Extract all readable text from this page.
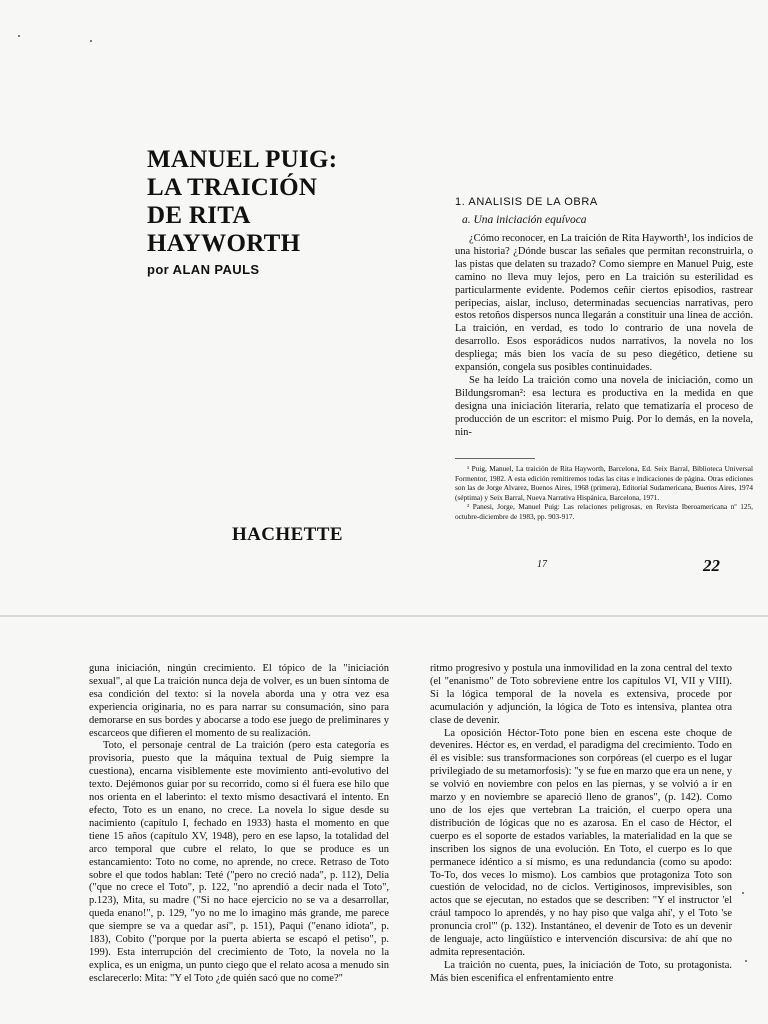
MANUEL PUIG:
LA TRAICIÓN
DE RITA
HAYWORTH
por ALAN PAULS
HACHETTE
1. ANALISIS DE LA OBRA
a. Una iniciación equívoca

¿Cómo reconocer, en La traición de Rita Hayworth¹, los indicios de una historia? ¿Dónde buscar las señales que permitan reconstruirla, o las pistas que delaten su trazado? Como siempre en Manuel Puig, este camino no lleva muy lejos, pero en La traición su esterilidad es particularmente evidente. Podemos ceñir ciertos episodios, rastrear peripecias, aislar, incluso, determinadas secuencias narrativas, pero estos retoños dispersos nunca llegarán a constituir una línea de acción. La traición, en verdad, es todo lo contrario de una novela de desarrollo. Esos esporádicos nudos narrativos, la novela no los despliega; más bien los vacía de su peso diegético, detiene su expansión, congela sus posibles continuidades.

Se ha leído La traición como una novela de iniciación, como un Bildungsroman²: esa lectura es productiva en la medida en que designa una iniciación literaria, relato que tematizaría el proceso de producción de un escritor: el mismo Puig. Por lo demás, en la novela, nin-

¹ Puig, Manuel, La traición de Rita Hayworth, Barcelona, Ed. Seix Barral, Biblioteca Universal Formentor, 1982. A esta edición remitiremos todas las citas e indicaciones de página. Otras ediciones son las de Jorge Alvarez, Buenos Aires, 1968 (primera), Editorial Sudamericana, Buenos Aires, 1974 (séptima) y Seix Barral, Nueva Narrativa Hispánica, Barcelona, 1971.

² Panesi, Jorge, Manuel Puig: Las relaciones peligrosas, en Revista Iberoamericana nº 125, octubre-diciembre de 1983, pp. 903-917.

17	22

guna iniciación, ningún crecimiento. El tópico de la "iniciación sexual", al que La traición nunca deja de volver, es un buen síntoma de esa condición del texto: si la novela aborda una y otra vez esa experiencia originaria, no es para narrar su consumación, sino para demorarse en sus bordes y abocarse a todo ese juego de preliminares y escarceos que difieren el momento de su realización.

Toto, el personaje central de La traición (pero esta categoría es provisoria, puesto que la máquina textual de Puig siempre la cuestiona), encarna visiblemente este movimiento anti-evolutivo del texto. Dejémonos guiar por su recorrido, como si él fuera ese hilo que nos orienta en el laberinto: el texto mismo desactivará el intento. En efecto, Toto es un enano, no crece. La novela lo sigue desde su nacimiento (capítulo I, fechado en 1933) hasta el momento en que tiene 15 años (capítulo XV, 1948), pero en ese lapso, la totalidad del arco temporal que cubre el relato, lo que se produce es un estancamiento: Toto no come, no aprende, no crece. Retraso de Toto sobre el que todos hablan: Teté ("pero no creció nada", p. 112), Delia ("que no crece el Toto", p. 122, "no aprendió a decir nada el Toto", p.123), Mita, su madre ("Si no hace ejercicio no se va a desarrollar, queda enano!", p. 129, "yo no me lo imagino más grande, me parece que siempre se va a quedar así", p. 151), Paqui ("enano idiota", p. 183), Cobito ("porque por la puerta abierta se escapó el petiso", p. 199). Esta interrupción del crecimiento de Toto, la novela no la explica, es un enigma, un punto ciego que el relato acosa a menudo sin esclarecerlo: Mita: "Y el Toto ¿de quién sacó que no come?"

ritmo progresivo y postula una inmovilidad en la zona central del texto (el "enanismo" de Toto sobreviene entre los capítulos VI, VII y VIII). Si la lógica temporal de la novela es extensiva, procede por acumulación y adjunción, la lógica de Toto es intensiva, plantea otra clase de devenir.

La oposición Héctor-Toto pone bien en escena este choque de devenires. Héctor es, en verdad, el paradigma del crecimiento. Todo en él es visible: sus transformaciones son corpóreas (el cuerpo es el lugar privilegiado de su metamorfosis): "y se fue en marzo que era un nene, y se volvió en noviembre con pelos en las piernas, y se volvió a ir en marzo y en noviembre se apareció lleno de granos", (p. 142). Como uno de los ejes que vertebran La traición, el cuerpo opera una distribución de lógicas que no es azarosa. En el caso de Héctor, el cuerpo es el soporte de estados variables, la materialidad en la que se inscriben los signos de una evolución. En Toto, el cuerpo es lo que permanece idéntico a sí mismo, es una redundancia (como su apodo: To-To, dos veces lo mismo). Los cambios que protagoniza Toto son cuestión de velocidad, no de ciclos. Vertiginosos, imprevisibles, son actos que se ejecutan, no estados que se describen: "Y el instructor 'el crául tampoco lo aprendés, y no hay piso que valga ahí', y el Toto 'se pronuncia crol'" (p. 132). Instantáneo, el devenir de Toto es un devenir de lenguaje, acto lingüístico e intervención discursiva: de ahí que no admita representación.

La traición no cuenta, pues, la iniciación de Toto, su protagonista. Más bien escenifica el enfrentamiento entre
